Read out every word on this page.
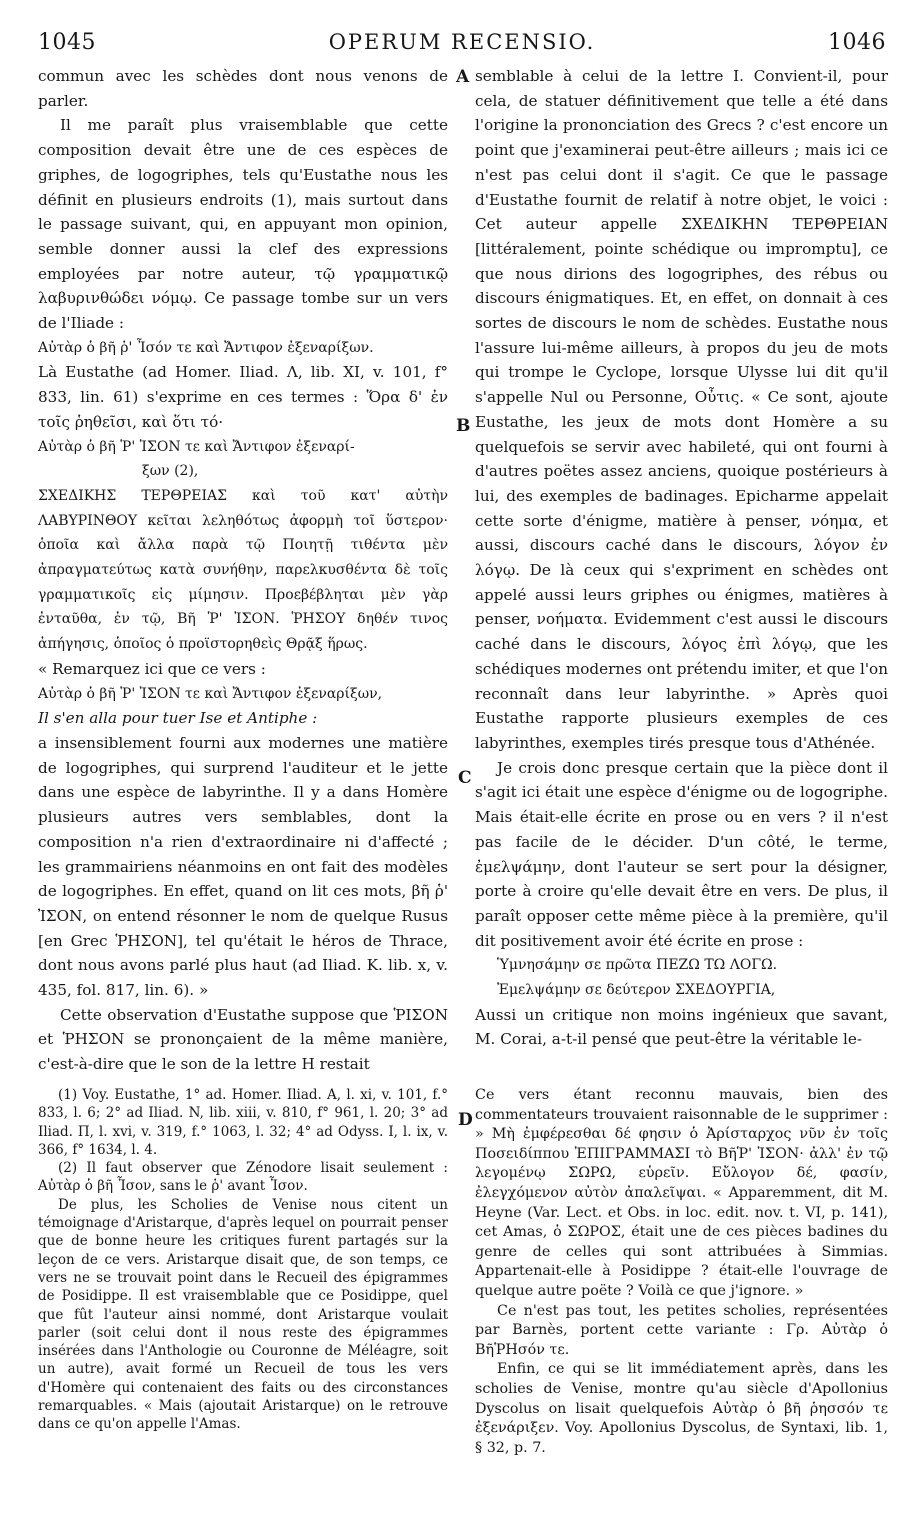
1045	OPERUM RECENSIO.	1046
A
B
C
D

commun avec les schèdes dont nous venons de parler.

Il me paraît plus vraisemblable que cette composition devait être une de ces espèces de griphes, de logogriphes, tels qu'Eustathe nous les définit en plusieurs endroits (1), mais surtout dans le passage suivant, qui, en appuyant mon opinion, semble donner aussi la clef des expressions employées par notre auteur, τῷ γραμματικῷ λαβυρινθώδει νόμῳ. Ce passage tombe sur un vers de l'Iliade :

Αὐτὰρ ὁ βῆ ῥ' Ἶσόν τε καὶ Ἄντιφον ἐξεναρίξων.

Là Eustathe (ad Homer. Iliad. Λ, lib. XI, v. 101, f° 833, lin. 61) s'exprime en ces termes : Ὅρα δ' ἐν τοῖς ῥηθεῖσι, καὶ ὅτι τό·

Αὐτὰρ ὁ βῆ Ῥ' ἸΣΟΝ τε καὶ Ἄντιφον ἐξεναρί-

ξων (2),

ΣΧΕΔΙΚΗΣ ΤΕΡΘΡΕΙΑΣ καὶ τοῦ κατ' αὐτὴν ΛΑΒΥΡΙΝΘΟΥ κεῖται λεληθότως ἀφορμὴ τοῖ ὕστερον· ὁποῖα καὶ ἄλλα παρὰ τῷ Ποιητῇ τιθέντα μὲν ἀπραγματεύτως κατὰ συνήθην, παρελκυσθέντα δὲ τοῖς γραμματικοῖς εἰς μίμησιν. Προεβέβληται μὲν γὰρ ἐνταῦθα, ἐν τῷ, Βῆ Ῥ' ἸΣΟΝ. ῬΗΣΟΥ δηθέν τινος ἀπήγησις, ὁποῖος ὁ προϊστορηθεὶς Θρᾷξ ἥρως.

« Remarquez ici que ce vers :

Αὐτὰρ ὁ βῆ Ῥ' ἸΣΟΝ τε καὶ Ἄντιφον ἐξεναρίξων,

Il s'en alla pour tuer Ise et Antiphe :

a insensiblement fourni aux modernes une matière de logogriphes, qui surprend l'auditeur et le jette dans une espèce de labyrinthe. Il y a dans Homère plusieurs autres vers semblables, dont la composition n'a rien d'extraordinaire ni d'affecté ; les grammairiens néanmoins en ont fait des modèles de logogriphes. En effet, quand on lit ces mots, βῆ ῥ' ἸΣΟΝ, on entend résonner le nom de quelque Rusus [en Grec ῬΗΣΟΝ], tel qu'était le héros de Thrace, dont nous avons parlé plus haut (ad Iliad. K. lib. x, v. 435, fol. 817, lin. 6). »

Cette observation d'Eustathe suppose que ῬΙΣΟΝ et ῬΗΣΟΝ se prononçaient de la même manière, c'est-à-dire que le son de la lettre H restait

semblable à celui de la lettre I. Convient-il, pour cela, de statuer définitivement que telle a été dans l'origine la prononciation des Grecs ? c'est encore un point que j'examinerai peut-être ailleurs ; mais ici ce n'est pas celui dont il s'agit. Ce que le passage d'Eustathe fournit de relatif à notre objet, le voici : Cet auteur appelle ΣΧΕΔΙΚΗΝ ΤΕΡΘΡΕΙΑΝ [littéralement, pointe schédique ou impromptu], ce que nous dirions des logogriphes, des rébus ou discours énigmatiques. Et, en effet, on donnait à ces sortes de discours le nom de schèdes. Eustathe nous l'assure lui-même ailleurs, à propos du jeu de mots qui trompe le Cyclope, lorsque Ulysse lui dit qu'il s'appelle Nul ou Personne, Οὖτις. « Ce sont, ajoute Eustathe, les jeux de mots dont Homère a su quelquefois se servir avec habileté, qui ont fourni à d'autres poëtes assez anciens, quoique postérieurs à lui, des exemples de badinages. Epicharme appelait cette sorte d'énigme, matière à penser, νόημα, et aussi, discours caché dans le discours, λόγον ἐν λόγῳ. De là ceux qui s'expriment en schèdes ont appelé aussi leurs griphes ou énigmes, matières à penser, νοήματα. Evidemment c'est aussi le discours caché dans le discours, λόγος ἐπὶ λόγῳ, que les schédiques modernes ont prétendu imiter, et que l'on reconnaît dans leur labyrinthe. » Après quoi Eustathe rapporte plusieurs exemples de ces labyrinthes, exemples tirés presque tous d'Athénée.

Je crois donc presque certain que la pièce dont il s'agit ici était une espèce d'énigme ou de logogriphe. Mais était-elle écrite en prose ou en vers ? il n'est pas facile de le décider. D'un côté, le terme, ἐμελψάμην, dont l'auteur se sert pour la désigner, porte à croire qu'elle devait être en vers. De plus, il paraît opposer cette même pièce à la première, qu'il dit positivement avoir été écrite en prose :

Ὑμνησάμην σε πρῶτα ΠΕΖΩ ΤΩ ΛΟΓΩ.

Ἐμελψάμην σε δεύτερον ΣΧΕΔΟΥΡΓΙΑ,

Aussi un critique non moins ingénieux que savant, M. Corai, a-t-il pensé que peut-être la véritable le-

(1) Voy. Eustathe, 1° ad. Homer. Iliad. A, l. xi, v. 101, f.° 833, l. 6; 2° ad Iliad. N, lib. xiii, v. 810, f° 961, l. 20; 3° ad Iliad. Π, l. xvi, v. 319, f.° 1063, l. 32; 4° ad Odyss. I, l. ix, v. 366, f° 1634, l. 4.

(2) Il faut observer que Zénodore lisait seulement : Αὐτὰρ ὁ βῆ Ἶσον, sans le ῥ' avant Ἶσον.

De plus, les Scholies de Venise nous citent un témoignage d'Aristarque, d'après lequel on pourrait penser que de bonne heure les critiques furent partagés sur la leçon de ce vers. Aristarque disait que, de son temps, ce vers ne se trouvait point dans le Recueil des épigrammes de Posidippe. Il est vraisemblable que ce Posidippe, quel que fût l'auteur ainsi nommé, dont Aristarque voulait parler (soit celui dont il nous reste des épigrammes insérées dans l'Anthologie ou Couronne de Méléagre, soit un autre), avait formé un Recueil de tous les vers d'Homère qui contenaient des faits ou des circonstances remarquables. « Mais (ajoutait Aristarque) on le retrouve dans ce qu'on appelle l'Amas.

Ce vers étant reconnu mauvais, bien des commentateurs trouvaient raisonnable de le supprimer : » Μὴ ἐμφέρεσθαι δέ φησιν ὁ Ἀρίσταρχος νῦν ἐν τοῖς Ποσειδίππου ἘΠΙΓΡΑΜΜΑΣΙ τὸ ΒῆῬ' ἸΣΟΝ· ἀλλ' ἐν τῷ λεγομένῳ ΣΩΡΩ, εὑρεῖν. Εὔλογον δέ, φασίν, ἐλεγχόμενον αὐτὸν ἀπαλεῖψαι. « Apparemment, dit M. Heyne (Var. Lect. et Obs. in loc. edit. nov. t. VI, p. 141), cet Amas, ὁ ΣΩΡΟΣ, était une de ces pièces badines du genre de celles qui sont attribuées à Simmias. Appartenait-elle à Posidippe ? était-elle l'ouvrage de quelque autre poëte ? Voilà ce que j'ignore. »

Ce n'est pas tout, les petites scholies, représentées par Barnès, portent cette variante : Γρ. Αὐτὰρ ὁ ΒῆῬΗσόν τε.

Enfin, ce qui se lit immédiatement après, dans les scholies de Venise, montre qu'au siècle d'Apollonius Dyscolus on lisait quelquefois Αὐτὰρ ὁ βῆ ῥησσόν τε ἐξενάριξεν. Voy. Apollonius Dyscolus, de Syntaxi, lib. 1, § 32, p. 7.
